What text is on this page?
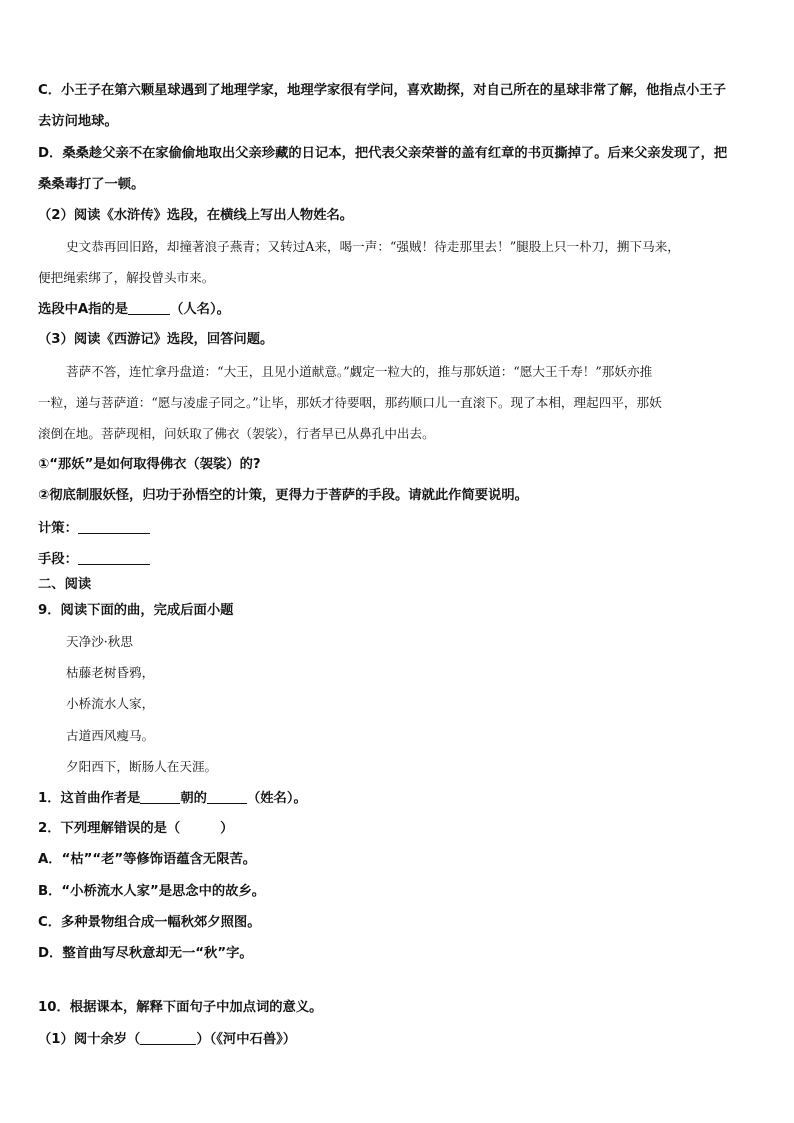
C．小王子在第六颗星球遇到了地理学家，地理学家很有学问，喜欢勘探，对自己所在的星球非常了解，他指点小王子
去访问地球。
D．桑桑趁父亲不在家偷偷地取出父亲珍藏的日记本，把代表父亲荣誉的盖有红章的书页撕掉了。后来父亲发现了，把
桑桑毒打了一顿。
（2）阅读《水浒传》选段，在横线上写出人物姓名。
史文恭再回旧路，却撞著浪子燕青；又转过A来，喝一声：“强贼！待走那里去！”腿股上只一朴刀，搠下马来，
便把绳索绑了，解投曾头市来。
选段中A指的是	（人名）。
（3）阅读《西游记》选段，回答问题。
菩萨不答，连忙拿丹盘道：“大王，且见小道献意。”觑定一粒大的，推与那妖道：“愿大王千寿！”那妖亦推
一粒，递与菩萨道：“愿与凌虚子同之。”让毕，那妖才待要咽，那药顺口儿一直滚下。现了本相，理起四平，那妖
滚倒在地。菩萨现相，问妖取了佛衣（袈裟），行者早已从鼻孔中出去。
①“那妖”是如何取得佛衣（袈裟）的?
②彻底制服妖怪，归功于孙悟空的计策，更得力于菩萨的手段。请就此作简要说明。
计策：
手段：
二、阅读
9．阅读下面的曲，完成后面小题
天净沙·秋思
枯藤老树昏鸦，
小桥流水人家，
古道西风瘦马。
夕阳西下，断肠人在天涯。
1．这首曲作者是	朝的	（姓名）。
2．下列理解错误的是（　　　）
A．“枯”“老”等修饰语蕴含无限苦。
B．“小桥流水人家”是思念中的故乡。
C．多种景物组合成一幅秋郊夕照图。
D．整首曲写尽秋意却无一“秋”字。
10．根据课本，解释下面句子中加点词的意义。
（1）阅十余岁（	）（《河中石兽》）
